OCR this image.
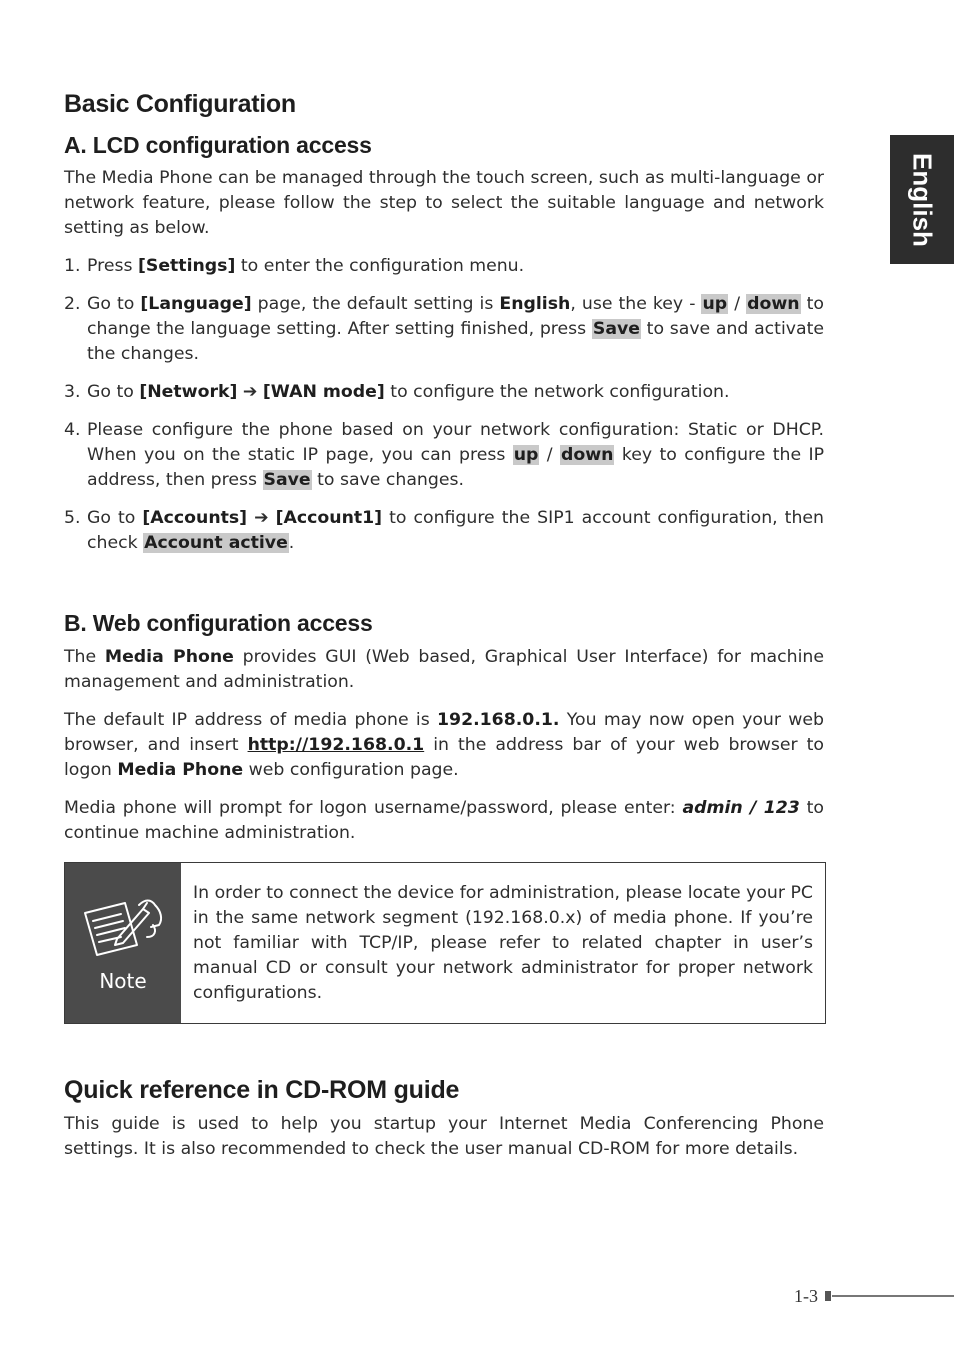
English
Basic Configuration
A. LCD configuration access

The Media Phone can be managed through the touch screen, such as multi-language or network feature, please follow the step to select the suitable language and network setting as below.

1. Press [Settings] to enter the configuration menu.
2. Go to [Language] page, the default setting is English, use the key - up / down to change the language setting. After setting finished, press Save to save and activate the changes.
3. Go to [Network] ➔ [WAN mode] to configure the network configuration.
4. Please configure the phone based on your network configuration: Static or DHCP. When you on the static IP page, you can press up / down key to configure the IP address, then press Save to save changes.
5. Go to [Accounts] ➔ [Account1] to configure the SIP1 account configuration, then check Account active.
B. Web configuration access

The Media Phone provides GUI (Web based, Graphical User Interface) for machine management and administration.

The default IP address of media phone is 192.168.0.1. You may now open your web browser, and insert http://192.168.0.1 in the address bar of your web browser to logon Media Phone web configuration page.

Media phone will prompt for logon username/password, please enter: admin / 123 to continue machine administration.

Note

In order to connect the device for administration, please locate your PC in the same network segment (192.168.0.x) of media phone. If you’re not familiar with TCP/IP, please refer to related chapter in user’s manual CD or consult your network administrator for proper network configurations.

Quick reference in CD-ROM guide

This guide is used to help you startup your Internet Media Conferencing Phone settings. It is also recommended to check the user manual CD-ROM for more details.

1-3
